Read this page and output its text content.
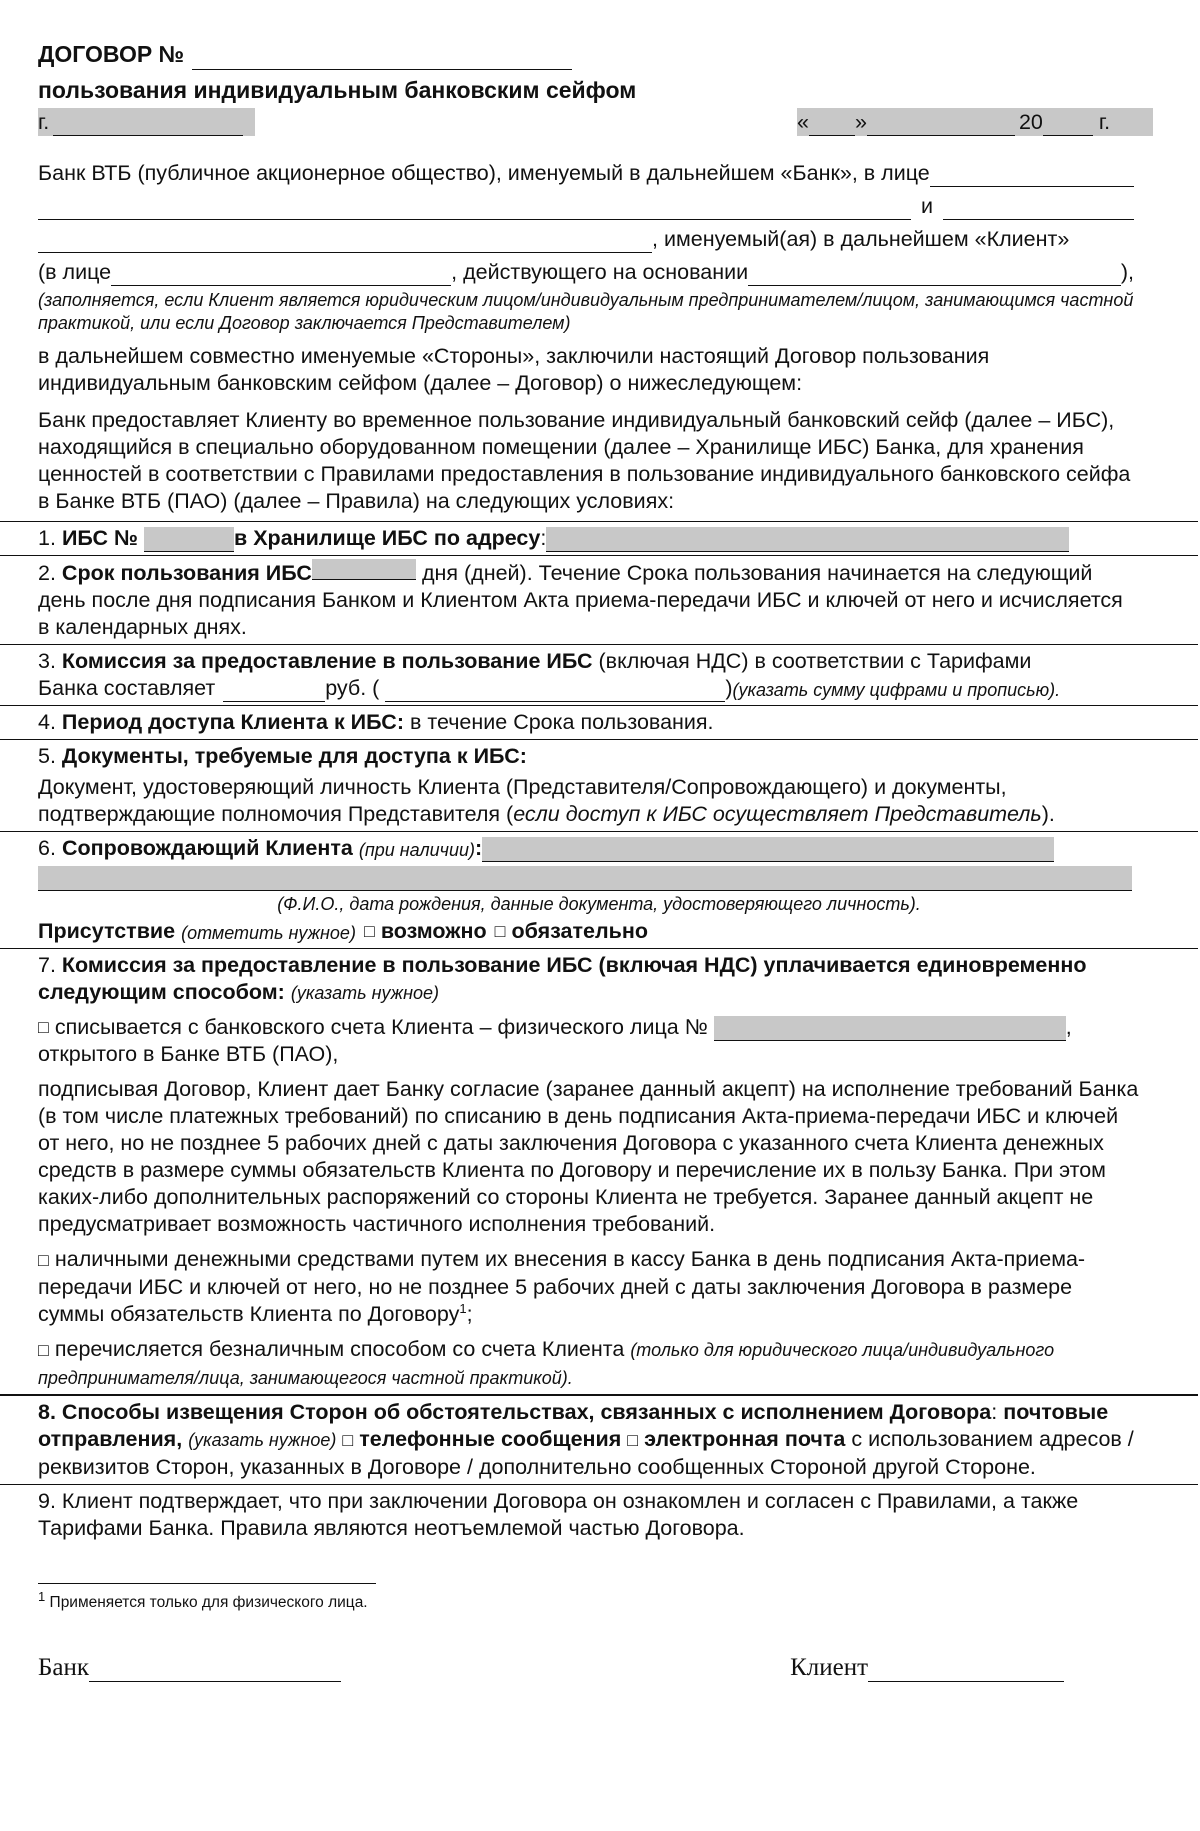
ДОГОВОР №
пользования индивидуальным банковским сейфом
г.	« »	20	г.
Банк ВТБ (публичное акционерное общество), именуемый в дальнейшем «Банк», в лице
и
, именуемый(ая) в дальнейшем «Клиент»
(в лице	, действующего на основании	),
(заполняется, если Клиент является юридическим лицом/индивидуальным предпринимателем/лицом, занимающимся частной практикой, или если Договор заключается Представителем)
в дальнейшем совместно именуемые «Стороны», заключили настоящий Договор пользования индивидуальным банковским сейфом (далее – Договор) о нижеследующем:
Банк предоставляет Клиенту во временное пользование индивидуальный банковский сейф (далее – ИБС), находящийся в специально оборудованном помещении (далее – Хранилище ИБС) Банка, для хранения ценностей в соответствии с Правилами предоставления в пользование индивидуального банковского сейфа в Банке ВТБ (ПАО) (далее – Правила) на следующих условиях:
1. ИБС №	в Хранилище ИБС по адресу :
2. Срок пользования ИБС	дня (дней). Течение Срока пользования начинается на следующий день после дня подписания Банком и Клиентом Акта приема-передачи ИБС и ключей от него и исчисляется в календарных днях.
3. Комиссия за предоставление в пользование ИБС (включая НДС) в соответствии с Тарифами
Банка составляет	руб. (	) (указать сумму цифрами и прописью).
4. Период доступа Клиента к ИБС: в течение Срока пользования.
5. Документы, требуемые для доступа к ИБС:
Документ, удостоверяющий личность Клиента (Представителя/Сопровождающего) и документы, подтверждающие полномочия Представителя (если доступ к ИБС осуществляет Представитель).
6. Сопровождающий Клиента (при наличии) :
(Ф.И.О., дата рождения, данные документа, удостоверяющего личность).
Присутствие (отметить нужное) □ возможно □ обязательно
7. Комиссия за предоставление в пользование ИБС (включая НДС) уплачивается единовременно следующим способом: (указать нужное)
□ списывается с банковского счета Клиента – физического лица №	,
открытого в Банке ВТБ (ПАО),
подписывая Договор, Клиент дает Банку согласие (заранее данный акцепт) на исполнение требований Банка (в том числе платежных требований) по списанию в день подписания Акта-приема-передачи ИБС и ключей от него, но не позднее 5 рабочих дней с даты заключения Договора с указанного счета Клиента денежных средств в размере суммы обязательств Клиента по Договору и перечисление их в пользу Банка. При этом каких-либо дополнительных распоряжений со стороны Клиента не требуется. Заранее данный акцепт не предусматривает возможность частичного исполнения требований.
□ наличными денежными средствами путем их внесения в кассу Банка в день подписания Акта-приема-передачи ИБС и ключей от него, но не позднее 5 рабочих дней с даты заключения Договора в размере суммы обязательств Клиента по Договору$^1$;
□ перечисляется безналичным способом со счета Клиента (только для юридического лица/индивидуального предпринимателя/лица, занимающегося частной практикой).
8. Способы извещения Сторон об обстоятельствах, связанных с исполнением Договора: почтовые отправления, (указать нужное) □ телефонные сообщения □ электронная почта с использованием адресов / реквизитов Сторон, указанных в Договоре / дополнительно сообщенных Стороной другой Стороне.
9. Клиент подтверждает, что при заключении Договора он ознакомлен и согласен с Правилами, а также Тарифами Банка. Правила являются неотъемлемой частью Договора.
$^1$ Применяется только для физического лица.
Банк	Клиент
